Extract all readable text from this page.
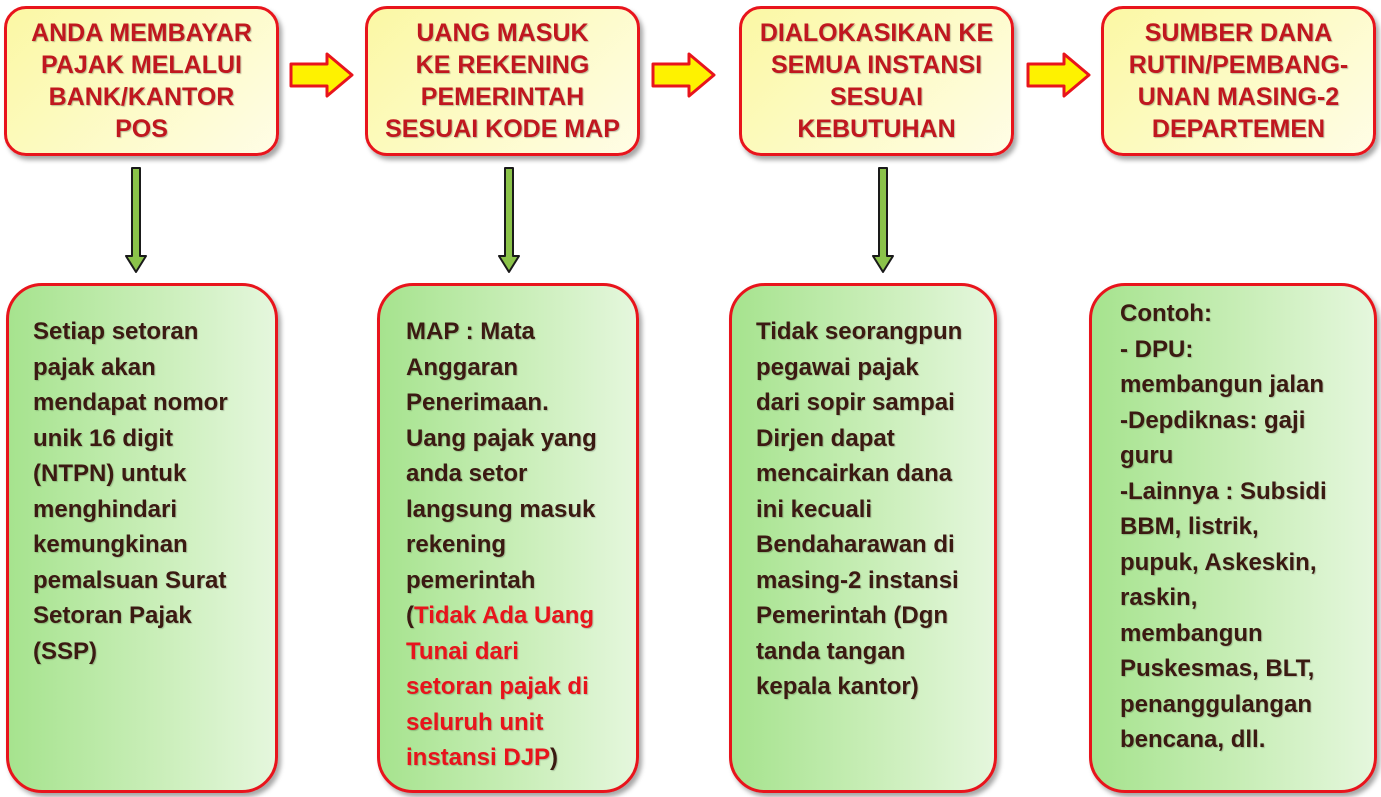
ANDA MEMBAYAR
PAJAK MELALUI
BANK/KANTOR
POS
UANG MASUK
KE REKENING
PEMERINTAH
SESUAI KODE MAP
DIALOKASIKAN KE
SEMUA INSTANSI
SESUAI
KEBUTUHAN
SUMBER DANA
RUTIN/PEMBANG-
UNAN MASING-2
DEPARTEMEN
Setiap setoran
pajak akan
mendapat nomor
unik 16 digit
(NTPN) untuk
menghindari
kemungkinan
pemalsuan Surat
Setoran Pajak
(SSP)
MAP : Mata
Anggaran
Penerimaan.
Uang pajak yang
anda setor
langsung masuk
rekening
pemerintah
(Tidak Ada Uang
Tunai dari
setoran pajak di
seluruh unit
instansi DJP)
Tidak seorangpun
pegawai pajak
dari sopir sampai
Dirjen dapat
mencairkan dana
ini kecuali
Bendaharawan di
masing-2 instansi
Pemerintah (Dgn
tanda tangan
kepala kantor)
Contoh:
- DPU:
membangun jalan
-Depdiknas: gaji
guru
-Lainnya : Subsidi
BBM, listrik,
pupuk, Askeskin,
raskin,
membangun
Puskesmas, BLT,
penanggulangan
bencana, dll.
